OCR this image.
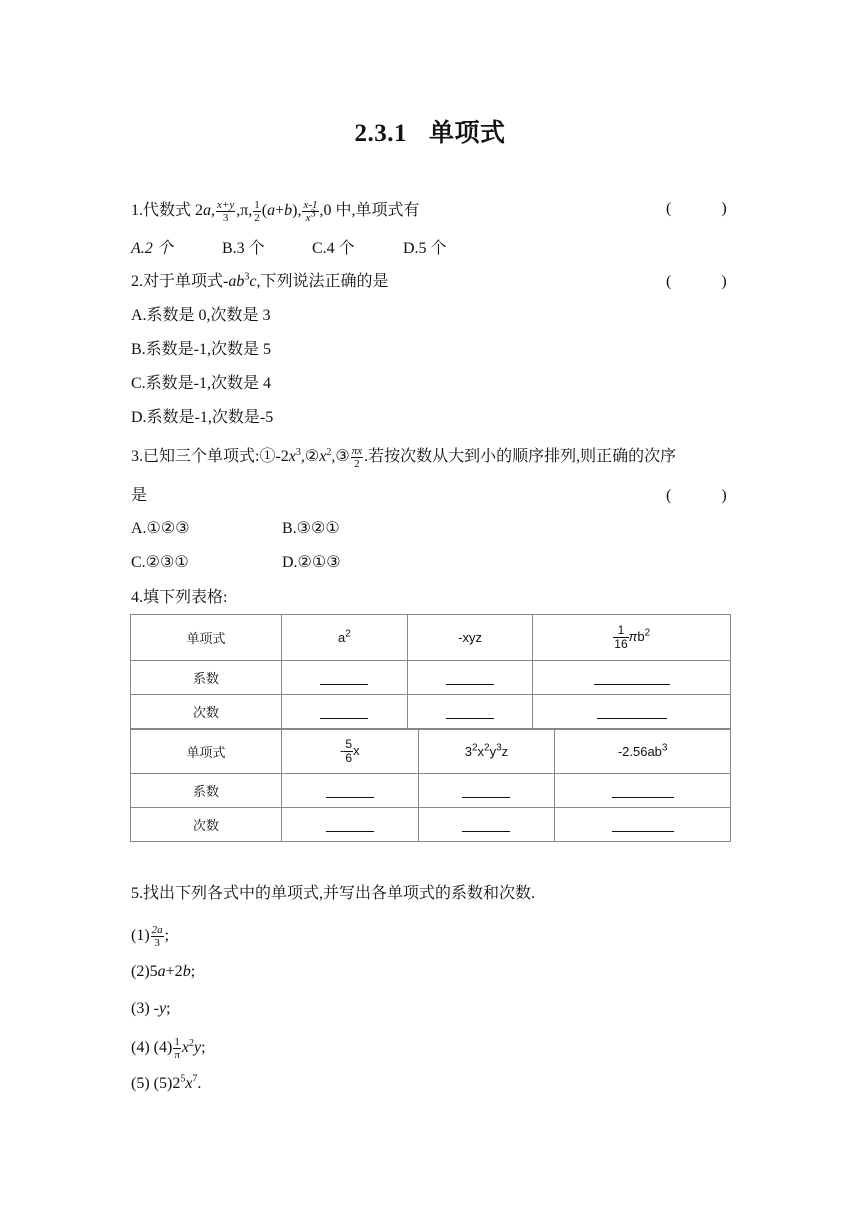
2.3.1 单项式
1.代数式 2a, $\frac{x+y}{3} ,\pi$, $\frac{1}{2} (a+b)$, $\frac{x-1}{x^3} ,0$ 中,单项式有	(	)
A.2 个	B.3 个	C.4 个	D.5 个
2.对于单项式$-ab^3c$,下列说法正确的是	(	)
A.系数是 0,次数是 3
B.系数是-1,次数是 5
C.系数是-1,次数是 4
D.系数是-1,次数是-5
3.已知三个单项式$:①-2x^3,②x^2,③ \frac{\pi x}{2}$ .若按次数从大到小的顺序排列,则正确的次序
是	(	)
A.①②③	B.③②①
C.②③①	D.②①③
4.填下列表格:
单项式	$a^2$	-xyz	$\frac{1}{16} \pi b^2$
系数			
次数			
单项式	- $\frac{5}{6}$ x	$3^2x^2y^3z$	$-2.56ab^3$
系数			
次数			
5.找出下列各式中的单项式,并写出各单项式的系数和次数.
$(1) \frac{2a}{3}$ ;
(2)5a+2b;
(3) -y;
(4) $(4) \frac{1}{\pi} x^2y$;
(5) $(5)2^5x^7$.
